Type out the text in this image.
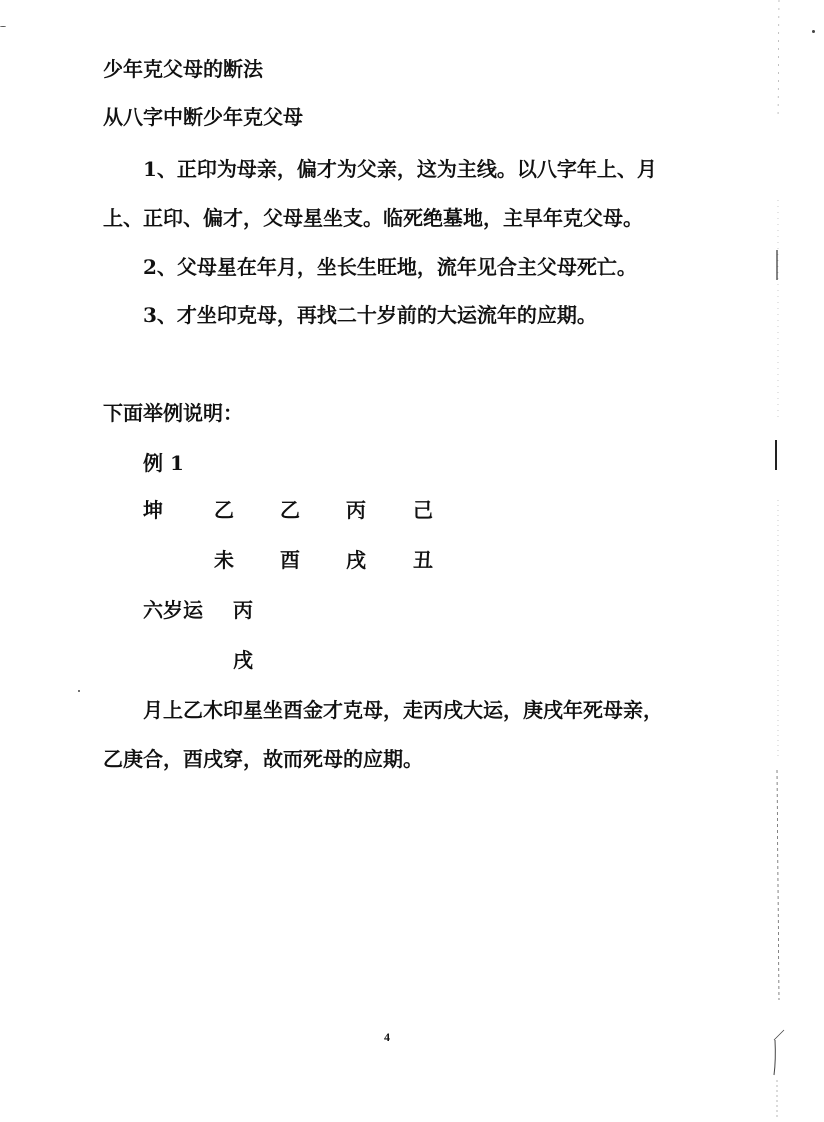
少年克父母的断法
从八字中断少年克父母
1、正印为母亲，偏才为父亲，这为主线。以八字年上、月
上、正印、偏才，父母星坐支。临死绝墓地，主早年克父母。
2、父母星在年月，坐长生旺地，流年见合主父母死亡。
3、才坐印克母，再找二十岁前的大运流年的应期。
下面举例说明：
例 1
坤	乙 乙 丙 己
未 酉 戌 丑
六岁运 丙
戌
月上乙木印星坐酉金才克母，走丙戌大运，庚戌年死母亲，
乙庚合，酉戌穿，故而死母的应期。
4
